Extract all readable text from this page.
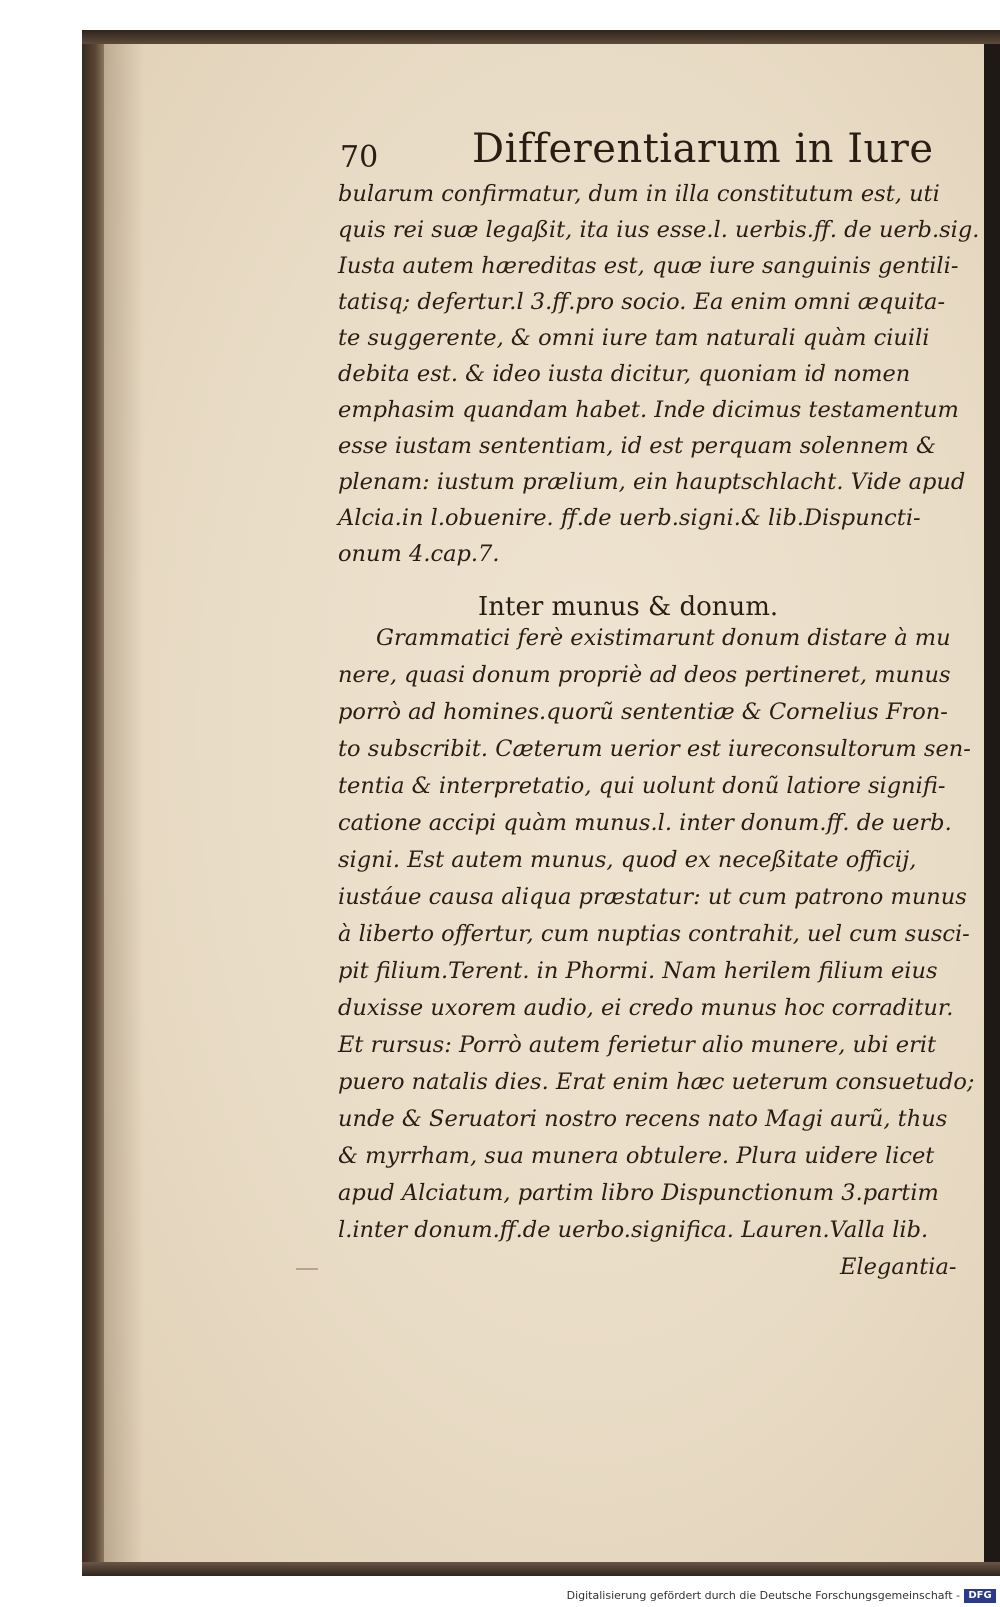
70 Differentiarum in Iure
bularum confirmatur, dum in illa constitutum est, uti
quis rei suæ legaßit, ita ius esse.l. uerbis.ff. de uerb.sig.
Iusta autem hæreditas est, quæ iure sanguinis gentili-
tatisq; defertur.l 3.ff.pro socio. Ea enim omni æquita-
te suggerente, & omni iure tam naturali quàm ciuili
debita est. & ideo iusta dicitur, quoniam id nomen
emphasim quandam habet. Inde dicimus testamentum
esse iustam sententiam, id est perquam solennem &
plenam: iustum prælium, ein hauptschlacht. Vide apud
Alcia.in l.obuenire. ff.de uerb.signi.& lib.Dispuncti-
onum 4.cap.7.
Grammatici ferè existimarunt donum distare à mu
nere, quasi donum propriè ad deos pertineret, munus
porrò ad homines.quorũ sententiæ & Cornelius Fron-
to subscribit. Cæterum uerior est iureconsultorum sen-
tentia & interpretatio, qui uolunt donũ latiore signifi-
catione accipi quàm munus.l. inter donum.ff. de uerb.
signi. Est autem munus, quod ex neceßitate officij,
iustáue causa aliqua præstatur: ut cum patrono munus
à liberto offertur, cum nuptias contrahit, uel cum susci-
pit filium.Terent. in Phormi. Nam herilem filium eius
duxisse uxorem audio, ei credo munus hoc corraditur.
Et rursus: Porrò autem ferietur alio munere, ubi erit
puero natalis dies. Erat enim hæc ueterum consuetudo;
unde & Seruatori nostro recens nato Magi aurũ, thus
& myrrham, sua munera obtulere. Plura uidere licet
apud Alciatum, partim libro Dispunctionum 3.partim
l.inter donum.ff.de uerbo.significa. Lauren.Valla lib.
Elegantia-
Inter munus & donum.
Digitalisierung gefördert durch die Deutsche Forschungsgemeinschaft - DFG
